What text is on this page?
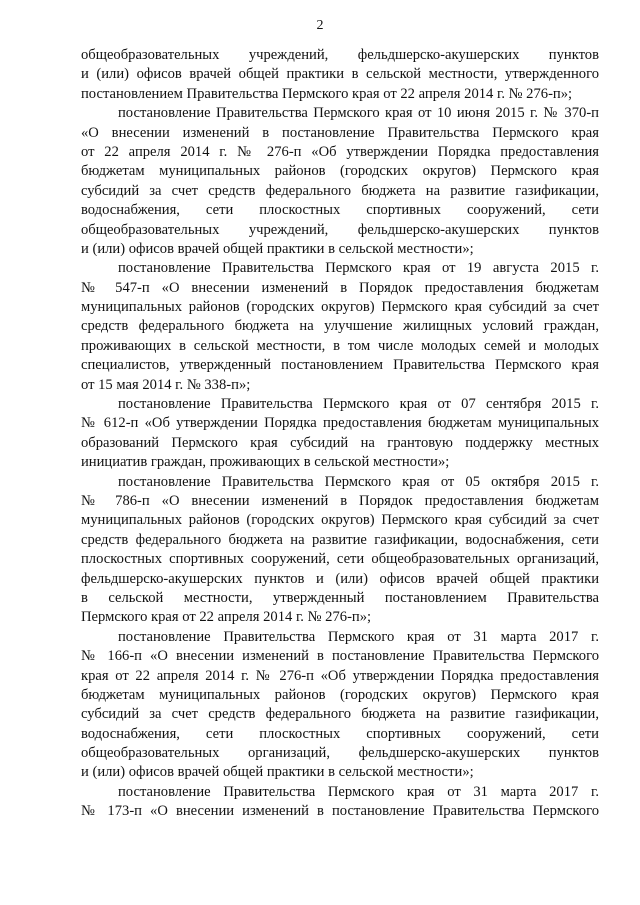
2
общеобразовательных учреждений, фельдшерско-акушерских пунктов
и (или) офисов врачей общей практики в сельской местности, утвержденного
постановлением Правительства Пермского края от 22 апреля 2014 г. № 276-п»;
постановление Правительства Пермского края от 10 июня 2015 г. № 370-п
«О внесении изменений в постановление Правительства Пермского края
от 22 апреля 2014 г. № 276-п «Об утверждении Порядка предоставления
бюджетам муниципальных районов (городских округов) Пермского края
субсидий за счет средств федерального бюджета на развитие газификации,
водоснабжения, сети плоскостных спортивных сооружений, сети
общеобразовательных учреждений, фельдшерско-акушерских пунктов
и (или) офисов врачей общей практики в сельской местности»;
постановление Правительства Пермского края от 19 августа 2015 г.
№ 547-п «О внесении изменений в Порядок предоставления бюджетам
муниципальных районов (городских округов) Пермского края субсидий за счет
средств федерального бюджета на улучшение жилищных условий граждан,
проживающих в сельской местности, в том числе молодых семей и молодых
специалистов, утвержденный постановлением Правительства Пермского края
от 15 мая 2014 г. № 338-п»;
постановление Правительства Пермского края от 07 сентября 2015 г.
№ 612-п «Об утверждении Порядка предоставления бюджетам муниципальных
образований Пермского края субсидий на грантовую поддержку местных
инициатив граждан, проживающих в сельской местности»;
постановление Правительства Пермского края от 05 октября 2015 г.
№ 786-п «О внесении изменений в Порядок предоставления бюджетам
муниципальных районов (городских округов) Пермского края субсидий за счет
средств федерального бюджета на развитие газификации, водоснабжения, сети
плоскостных спортивных сооружений, сети общеобразовательных организаций,
фельдшерско-акушерских пунктов и (или) офисов врачей общей практики
в сельской местности, утвержденный постановлением Правительства
Пермского края от 22 апреля 2014 г. № 276-п»;
постановление Правительства Пермского края от 31 марта 2017 г.
№ 166-п «О внесении изменений в постановление Правительства Пермского
края от 22 апреля 2014 г. № 276-п «Об утверждении Порядка предоставления
бюджетам муниципальных районов (городских округов) Пермского края
субсидий за счет средств федерального бюджета на развитие газификации,
водоснабжения, сети плоскостных спортивных сооружений, сети
общеобразовательных организаций, фельдшерско-акушерских пунктов
и (или) офисов врачей общей практики в сельской местности»;
постановление Правительства Пермского края от 31 марта 2017 г.
№ 173-п «О внесении изменений в постановление Правительства Пермского
